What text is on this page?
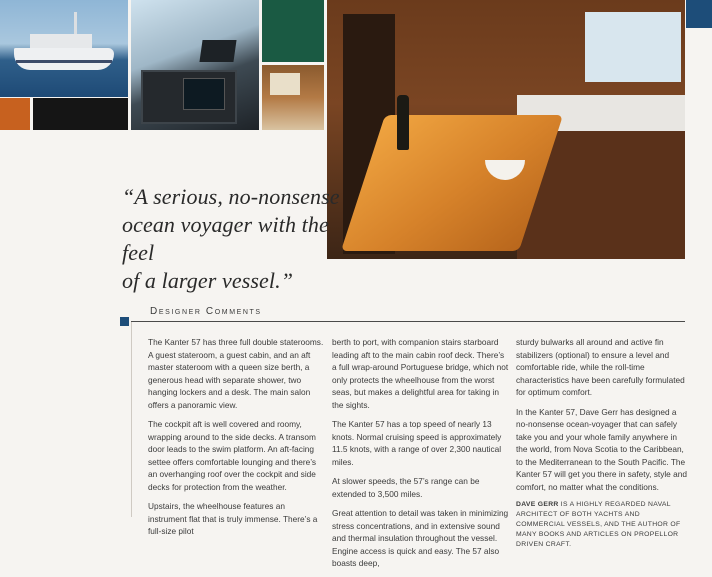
“A serious, no-nonsense
ocean voyager with the feel
of a larger vessel.”
Designer Comments

The Kanter 57 has three full double staterooms. A guest stateroom, a guest cabin, and an aft master stateroom with a queen size berth, a generous head with separate shower, two hanging lockers and a desk. The main salon offers a panoramic view.

The cockpit aft is well covered and roomy, wrapping around to the side decks. A transom door leads to the swim platform. An aft-facing settee offers comfortable lounging and there’s an overhanging roof over the cockpit and side decks for protection from the weather.

Upstairs, the wheelhouse features an instrument flat that is truly immense. There’s a full-size pilot

berth to port, with companion stairs starboard leading aft to the main cabin roof deck. There’s a full wrap-around Portuguese bridge, which not only protects the wheelhouse from the worst seas, but makes a delightful area for taking in the sights.

The Kanter 57 has a top speed of nearly 13 knots. Normal cruising speed is approximately 11.5 knots, with a range of over 2,300 nautical miles.

At slower speeds, the 57’s range can be extended to 3,500 miles.

Great attention to detail was taken in minimizing stress concentrations, and in extensive sound and thermal insulation throughout the vessel. Engine access is quick and easy. The 57 also boasts deep,

sturdy bulwarks all around and active fin stabilizers (optional) to ensure a level and comfortable ride, while the roll-time characteristics have been carefully formulated for optimum comfort.

In the Kanter 57, Dave Gerr has designed a no-nonsense ocean-voyager that can safely take you and your whole family anywhere in the world, from Nova Scotia to the Caribbean, to the Mediterranean to the South Pacific. The Kanter 57 will get you there in safety, style and comfort, no matter what the conditions.

DAVE GERR IS A HIGHLY REGARDED NAVAL ARCHITECT OF BOTH YACHTS AND COMMERCIAL VESSELS, AND THE AUTHOR OF MANY BOOKS AND ARTICLES ON PROPELLOR DRIVEN CRAFT.
